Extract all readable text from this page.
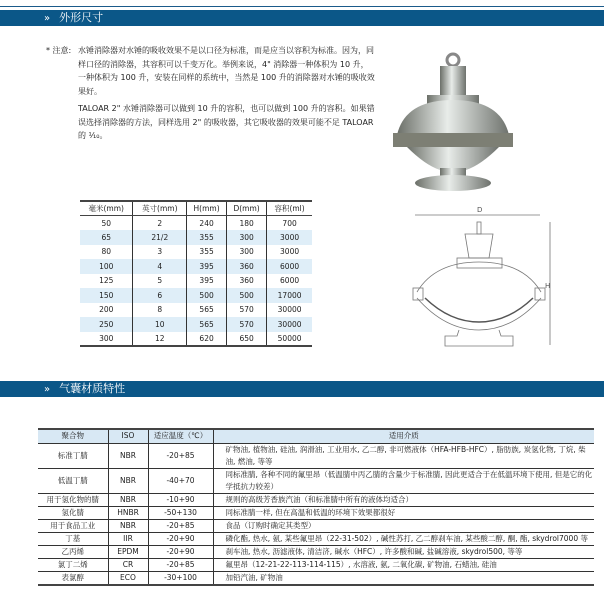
» 外形尺寸
* 注意: 水锤消除器对水锤的吸收效果不是以口径为标准，而是应当以容积为标准。因为，同样口径的消除器，其容积可以千变万化。举例来说，4" 消除器一种体积为 10 升，一种体积为 100 升，安装在同样的系统中，当然是 100 升的消除器对水锤的吸收效果好。
TALOAR 2" 水锤消除器可以做到 10 升的容积，也可以做到 100 升的容积。如果错误选择消除器的方法，同样选用 2" 的吸收器，其它吸收器的效果可能不足 TALOAR 的 ⅒。
毫米(mm)	英寸(mm)	H(mm)	D(mm)	容积(ml)
50	2	240	180	700
65	21/2	355	300	3000
80	3	355	300	3000
100	4	395	360	6000
125	5	395	360	6000
150	6	500	500	17000
200	8	565	570	30000
250	10	565	570	30000
300	12	620	650	50000
D
H
» 气囊材质特性
聚合物	ISO	适应温度（℃）	适用介质
标准丁腈	NBR	-20+85	矿物油, 植物油, 硅油, 润滑油, 工业用水, 乙二醇, 非可燃液体（HFA-HFB-HFC）, 脂肪族, 炭氢化物, 丁烷, 柴油, 燃油, 等等
低温丁腈	NBR	-40+70	同标准腈, 各种不同的氟里昂（低温腈中丙乙腈的含量少于标准腈, 因此更适合于在低温环境下使用, 但是它的化学抵抗力较差）
用于氢化物的腈	NBR	-10+90	规则的高级芳香族汽油（和标准腈中所有的液体均适合）
氢化腈	HNBR	-50+130	同标准腈一样, 但在高温和低温的环境下效果都很好
用于食品工业	NBR	-20+85	食品（订购时确定其类型）
丁基	IIR	-20+90	磷化酯, 热水, 氨, 某些氟里昂（22-31-502）, 碱性苏打, 乙二醇刹车油, 某些酸二醇, 酮, 酯, skydrol7000 等
乙丙烯	EPDM	-20+90	刹车油, 热水, 沥滤液体, 清洁济, 碱水（HFC）, 许多酸和碱, 盐碱溶液, skydrol500, 等等
氯丁二烯	CR	-20+85	氟里昂（12-21-22-113-114-115）, 水溶液, 氨, 二氧化碳, 矿物油, 石蜡油, 硅油
表氯醇	ECO	-30+100	加铅汽油, 矿物油
